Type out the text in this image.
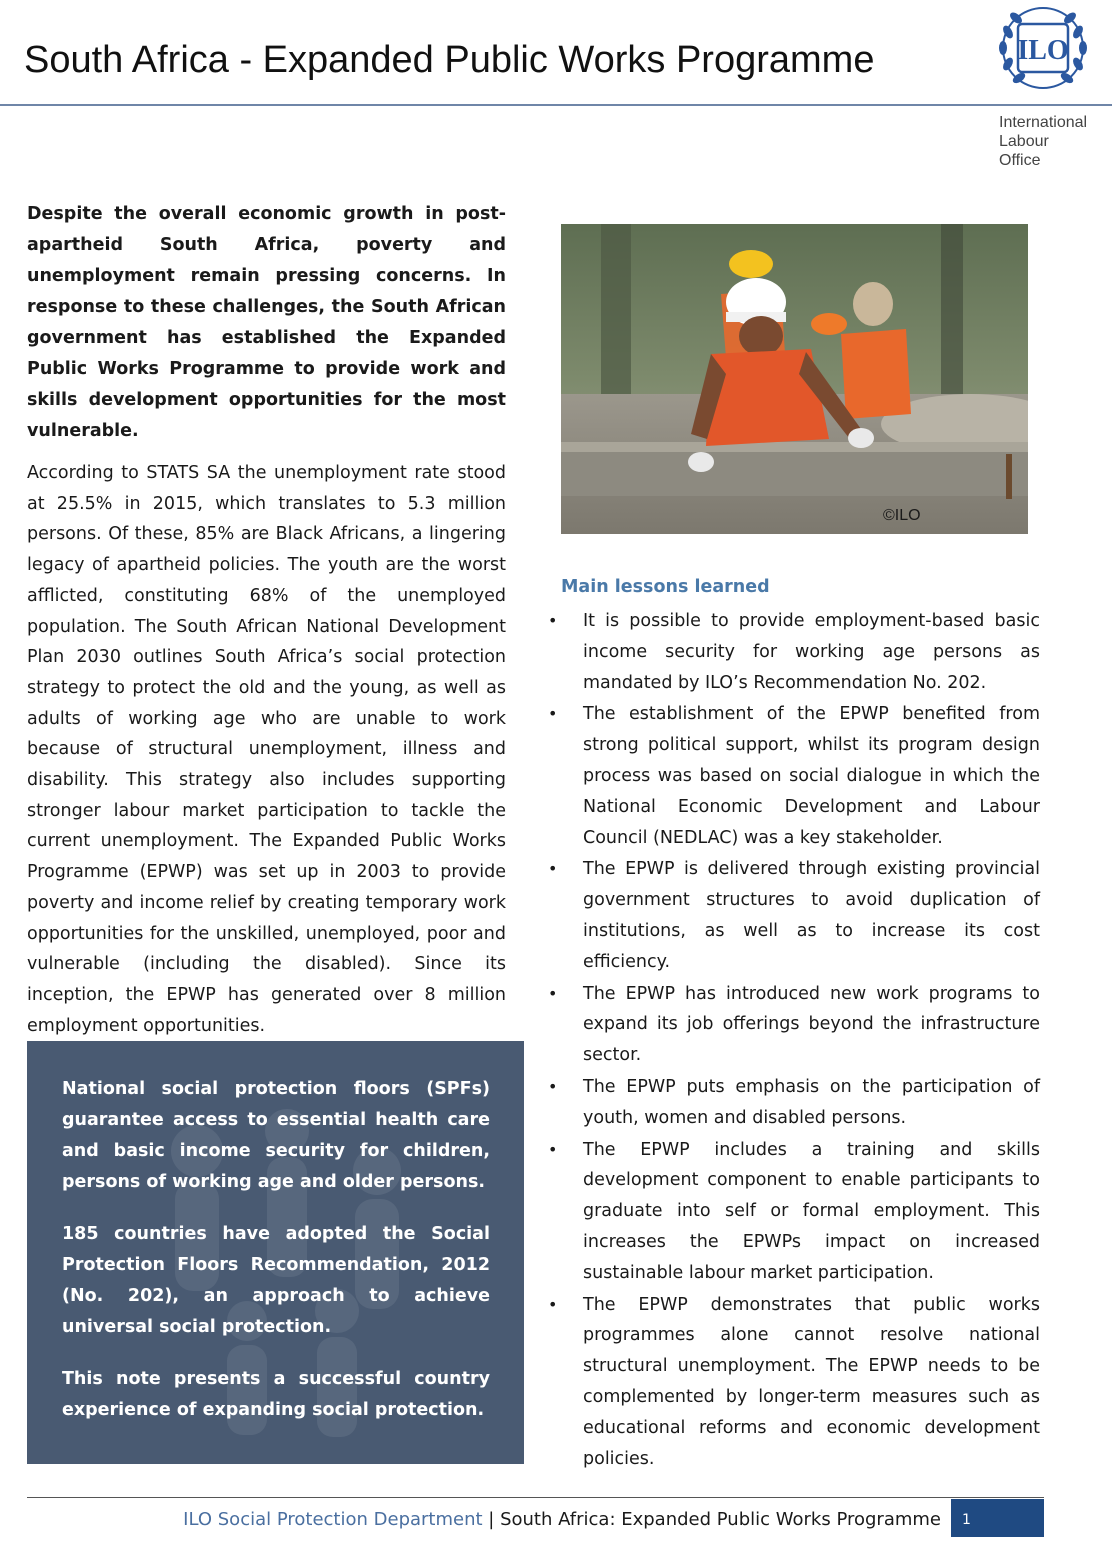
South Africa - Expanded Public Works Programme	ILO
International
Labour
Office

Despite the overall economic growth in post-apartheid South Africa, poverty and unemployment remain pressing concerns. In response to these challenges, the South African government has established the Expanded Public Works Programme to provide work and skills development opportunities for the most vulnerable.

According to STATS SA the unemployment rate stood at 25.5% in 2015, which translates to 5.3 million persons. Of these, 85% are Black Africans, a lingering legacy of apartheid policies. The youth are the worst afflicted, constituting 68% of the unemployed population. The South African National Development Plan 2030 outlines South Africa’s social protection strategy to protect the old and the young, as well as adults of working age who are unable to work because of structural unemployment, illness and disability. This strategy also includes supporting stronger labour market participation to tackle the current unemployment. The Expanded Public Works Programme (EPWP) was set up in 2003 to provide poverty and income relief by creating temporary work opportunities for the unskilled, unemployed, poor and vulnerable (including the disabled). Since its inception, the EPWP has generated over 8 million employment opportunities.

National social protection floors (SPFs) guarantee access to essential health care and basic income security for children, persons of working age and older persons.

185 countries have adopted the Social Protection Floors Recommendation, 2012 (No. 202), an approach to achieve universal social protection.

This note presents a successful country experience of expanding social protection.

©ILO
Main lessons learned
• It is possible to provide employment-based basic income security for working age persons as mandated by ILO’s Recommendation No. 202.
• The establishment of the EPWP benefited from strong political support, whilst its program design process was based on social dialogue in which the National Economic Development and Labour Council (NEDLAC) was a key stakeholder.
• The EPWP is delivered through existing provincial government structures to avoid duplication of institutions, as well as to increase its cost efficiency.
• The EPWP has introduced new work programs to expand its job offerings beyond the infrastructure sector.
• The EPWP puts emphasis on the participation of youth, women and disabled persons.
• The EPWP includes a training and skills development component to enable participants to graduate into self or formal employment. This increases the EPWPs impact on increased sustainable labour market participation.
• The EPWP demonstrates that public works programmes alone cannot resolve national structural unemployment. The EPWP needs to be complemented by longer-term measures such as educational reforms and economic development policies.
ILO Social Protection Department | South Africa: Expanded Public Works Programme 1
